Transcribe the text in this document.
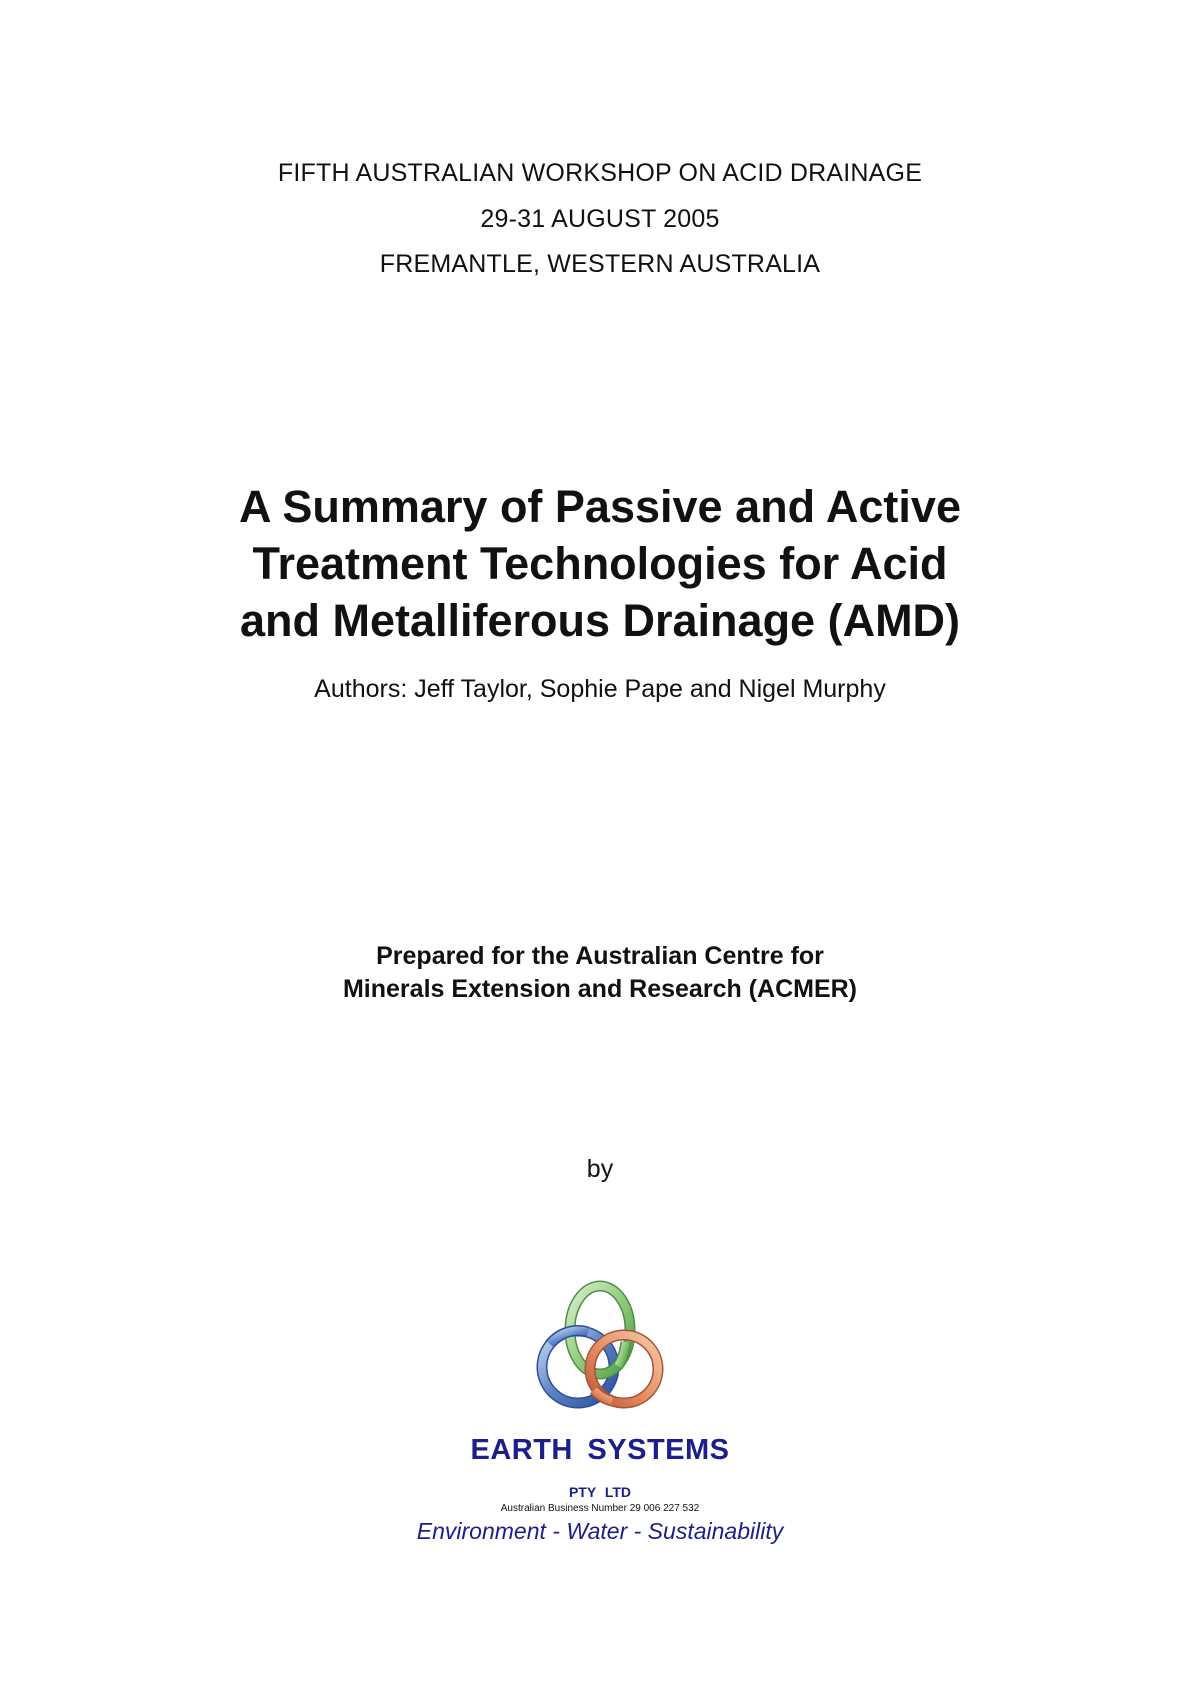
FIFTH AUSTRALIAN WORKSHOP ON ACID DRAINAGE
29-31 AUGUST 2005
FREMANTLE, WESTERN AUSTRALIA
A Summary of Passive and Active
Treatment Technologies for Acid
and Metalliferous Drainage (AMD)
Authors: Jeff Taylor, Sophie Pape and Nigel Murphy
Prepared for the Australian Centre for
Minerals Extension and Research (ACMER)
by
EARTH SYSTEMS
PTY LTD
Australian Business Number 29 006 227 532
Environment - Water - Sustainability
